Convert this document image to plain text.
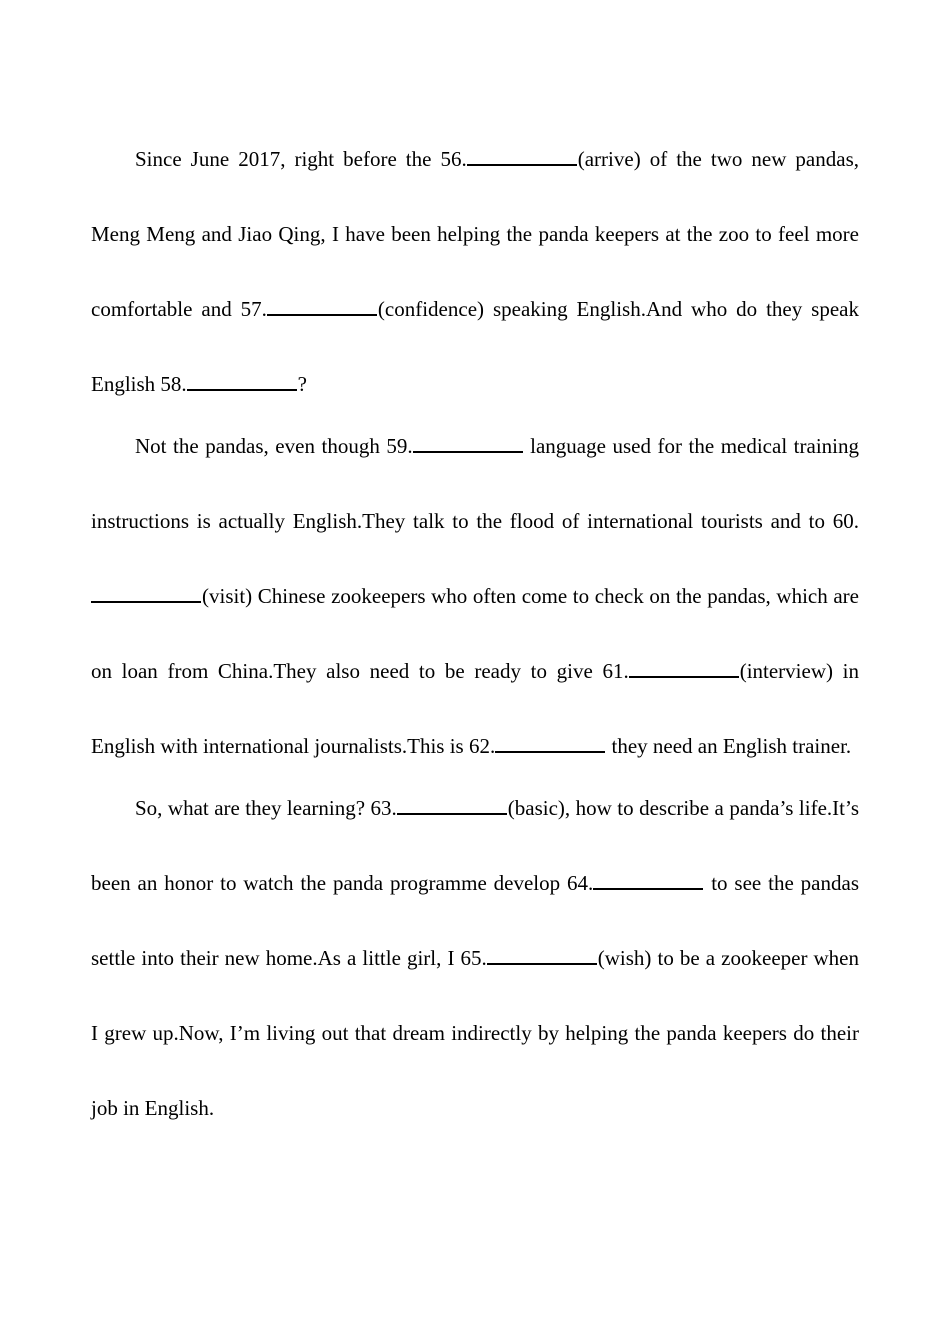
Since June 2017, right before the 56.	(arrive) of the two new pandas, Meng Meng and Jiao Qing, I have been helping the panda keepers at the zoo to feel more comfortable and 57.	(confidence) speaking English.And who do they speak English 58.	?

Not the pandas, even though 59.	language used for the medical training instructions is actually English.They talk to the flood of international tourists and to 60.(visit) Chinese zookeepers who often come to check on the pandas, which are on loan from China.They also need to be ready to give 61.	(interview) in English with international journalists.This is 62.	they need an English trainer.

So, what are they learning? 63.	(basic), how to describe a panda’s life.It’s been an honor to watch the panda programme develop 64.	to see the pandas settle into their new home.As a little girl, I 65.	(wish) to be a zookeeper when I grew up.Now, I’m living out that dream indirectly by helping the panda keepers do their job in English.
